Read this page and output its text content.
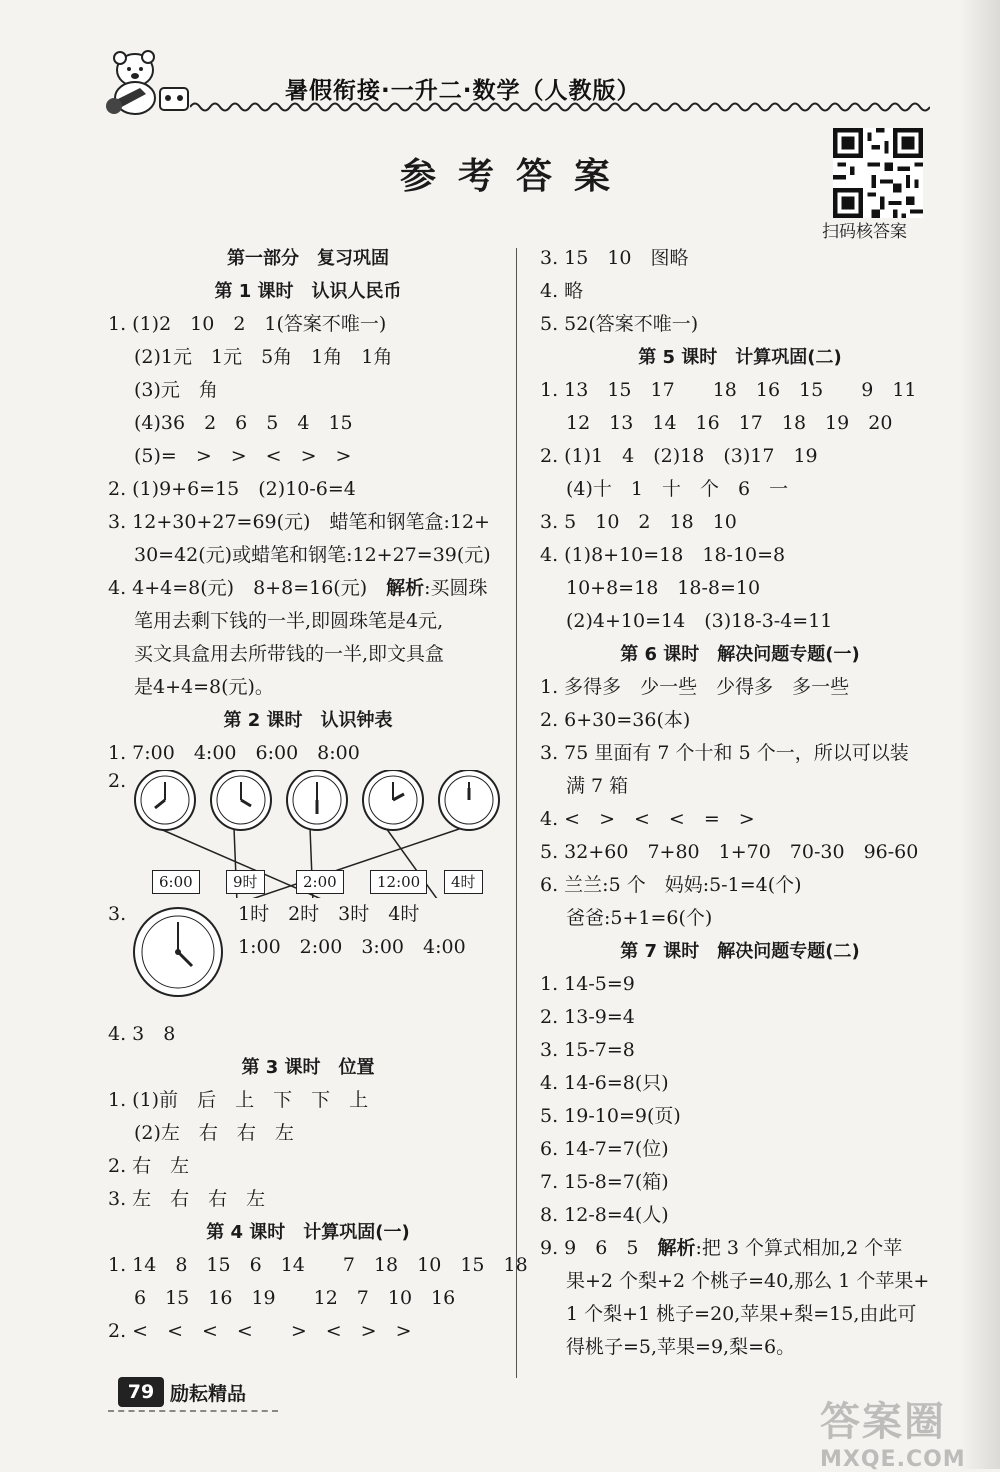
暑假衔接·一升二·数学（人教版）
扫码核答案
参考答案
第一部分　复习巩固
第 1 课时　认识人民币
1. (1)2　10　2　1(答案不唯一)
(2)1元　1元　5角　1角　1角
(3)元　角
(4)36　2　6　5　4　15
(5)=　>　>　<　>　>
2. (1)9+6=15　(2)10-6=4
3. 12+30+27=69(元)　蜡笔和钢笔盒:12+
30=42(元)或蜡笔和钢笔:12+27=39(元)
4. 4+4=8(元)　8+8=16(元)　 解析:买圆珠
笔用去剩下钱的一半,即圆珠笔是4元,
买文具盒用去所带钱的一半,即文具盒
是4+4=8(元)。
第 2 课时　认识钟表
1. 7:00　4:00　6:00　8:00
2.
6:00	9时	2:00	12:00	4时
3.	1时　2时　3时　4时
1:00　2:00　3:00　4:00
4. 3　8
第 3 课时　位置
1. (1)前　后　上　下　下　上
(2)左　右　右　左
2. 右　左
3. 左　右　右　左
第 4 课时　计算巩固(一)
1. 14　8　15　6　14　　7　18　10　15　18
6　15　16　19　　12　7　10　16
2. <　<　<　<　　>　<　>　>
3. 15　10　图略
4. 略
5. 52(答案不唯一)
第 5 课时　计算巩固(二)
1. 13　15　17　　18　16　15　　9　11
12　13　14　16　17　18　19　20
2. (1)1　4　(2)18　(3)17　19
(4)十　1　十　个　6　一
3. 5　10　2　18　10
4. (1)8+10=18　18-10=8
10+8=18　18-8=10
(2)4+10=14　(3)18-3-4=11
第 6 课时　解决问题专题(一)
1. 多得多　少一些　少得多　多一些
2. 6+30=36(本)
3. 75 里面有 7 个十和 5 个一，所以可以装
满 7 箱
4. <　>　<　<　=　>
5. 32+60　7+80　1+70　70-30　96-60
6. 兰兰:5 个　妈妈:5-1=4(个)
爸爸:5+1=6(个)
第 7 课时　解决问题专题(二)
1. 14-5=9
2. 13-9=4
3. 15-7=8
4. 14-6=8(只)
5. 19-10=9(页)
6. 14-7=7(位)
7. 15-8=7(箱)
8. 12-8=4(人)
9. 9　6　5　 解析:把 3 个算式相加,2 个苹
果+2 个梨+2 个桃子=40,那么 1 个苹果+
1 个梨+1 桃子=20,苹果+梨=15,由此可
得桃子=5,苹果=9,梨=6。
79 励耘精品
答案圈
MXQE.COM
